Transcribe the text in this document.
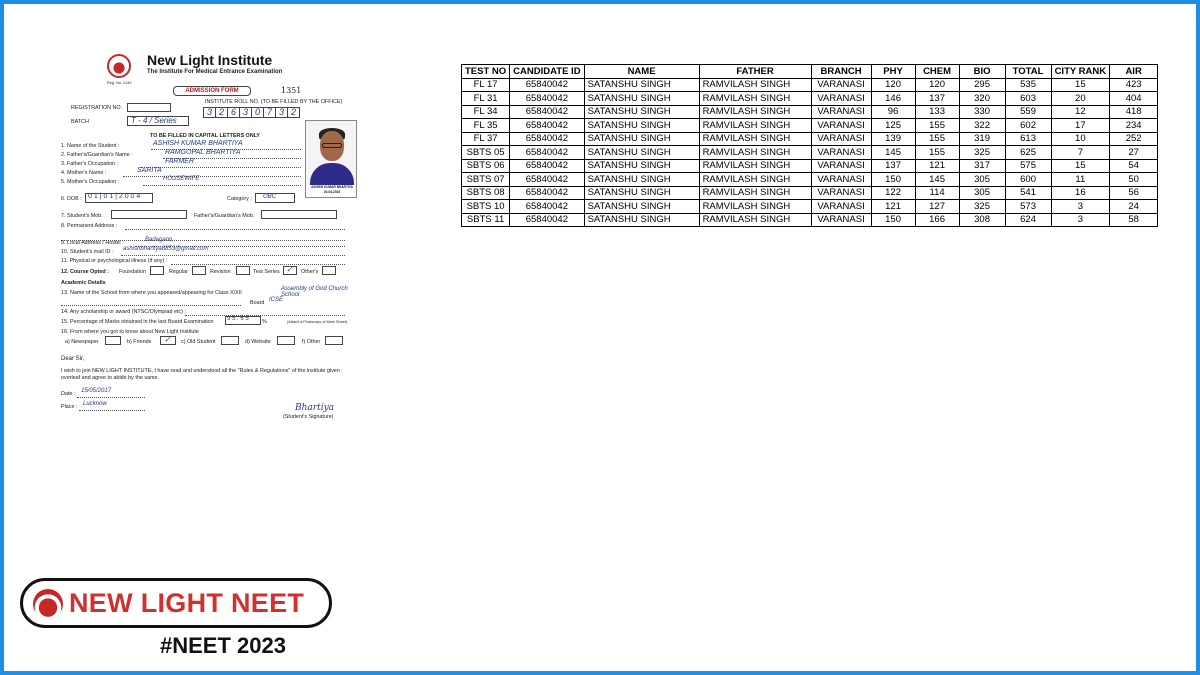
Reg. No. 2149
New Light Institute
The Institute For Medical Entrance Examination
ADMISSION FORM	1351
INSTITUTE ROLL NO. (TO BE FILLED BY THE OFFICE)
REGISTRATION NO.
BATCH	T - 4 / Series
3 2 6 3 0 7 3 2
TO BE FILLED IN CAPITAL LETTERS ONLY
1. Name of the Student :	ASHISH KUMAR BHARTIYA
2. Father's/Guardian's Name :	RAMGOPAL BHARTIYA
3. Father's Occupation :	FARMER
4. Mother's Name :	SARITA
5. Mother's Occupation :	HOUSEWIFE
ASHISH KUMAR BHARTIYA
20-04-2023
6. DOB : 0 1 | 0 1 | 2 0 0 4	Category : OBC
7. Student's Mob.	Father's/Guardian's Mob.
8. Permanent Address :
9. Local Address / Hostel :	Badagaon
10. Student's mail ID : ashishbhartiya8853@gmail.com
11. Physical or psychological illness (if any) :
12. Course Opted : Foundation	Regular	Revision	Test Series ✓ Other's
Academic Details
13. Name of the School from where you appeared/appearing for Class X/XII
Assembly of God Church School
Board ICSE
14. Any scholarship or award (NTSC/Olympiad etc) :
15. Percentage of Marks obtained in the last Board Examination 9 5 . 6 5 %	(Attach a Photocopy of Mark Sheet)
16. From where you got to know about New Light Institute
a) Newspaper	b) Friends ✓ c) Old Student	d) Website	f) Other
Dear Sir,
I wish to join NEW LIGHT INSTITUTE, I have read and understood all the "Rules & Regulations" of the institute given overleaf and agree to abide by the same.
Date : 15/05/2017
Place : Lucknow	Bhartiya
(Student's Signature)
TEST NO	CANDIDATE ID	NAME	FATHER	BRANCH	PHY	CHEM	BIO	TOTAL	CITY RANK	AIR
FL 17	65840042	SATANSHU SINGH	RAMVILASH SINGH	VARANASI	120	120	295	535	15	423
FL 31	65840042	SATANSHU SINGH	RAMVILASH SINGH	VARANASI	146	137	320	603	20	404
FL 34	65840042	SATANSHU SINGH	RAMVILASH SINGH	VARANASI	96	133	330	559	12	418
FL 35	65840042	SATANSHU SINGH	RAMVILASH SINGH	VARANASI	125	155	322	602	17	234
FL 37	65840042	SATANSHU SINGH	RAMVILASH SINGH	VARANASI	139	155	319	613	10	252
SBTS 05	65840042	SATANSHU SINGH	RAMVILASH SINGH	VARANASI	145	155	325	625	7	27
SBTS 06	65840042	SATANSHU SINGH	RAMVILASH SINGH	VARANASI	137	121	317	575	15	54
SBTS 07	65840042	SATANSHU SINGH	RAMVILASH SINGH	VARANASI	150	145	305	600	11	50
SBTS 08	65840042	SATANSHU SINGH	RAMVILASH SINGH	VARANASI	122	114	305	541	16	56
SBTS 10	65840042	SATANSHU SINGH	RAMVILASH SINGH	VARANASI	121	127	325	573	3	24
SBTS 11	65840042	SATANSHU SINGH	RAMVILASH SINGH	VARANASI	150	166	308	624	3	58
NEW LIGHT NEET
#NEET 2023
